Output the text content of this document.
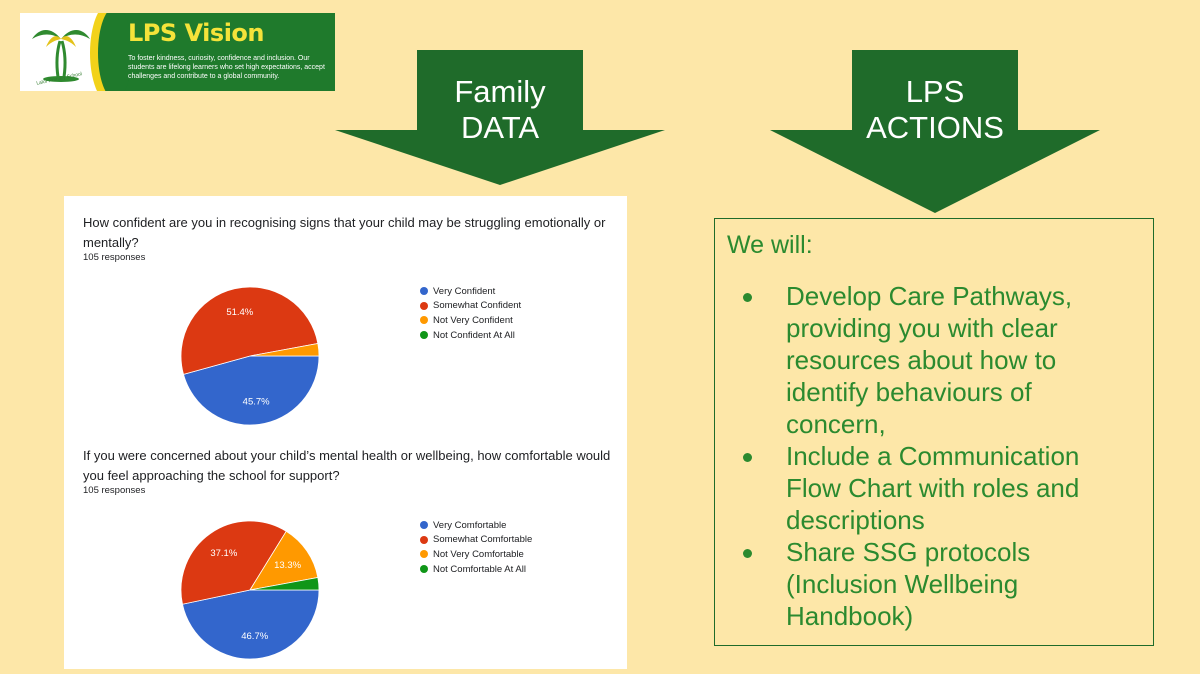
Lalor Primary School
LPS Vision
To foster kindness, curiosity, confidence and inclusion. Our students are lifelong learners who set high expectations, accept challenges and contribute to a global community.	Family
DATA
LPS
ACTIONS
How confident are you in recognising signs that your child may be struggling emotionally or mentally?
105 responses
45.7%
51.4%
Very Confident
Somewhat Confident
Not Very Confident
Not Confident At All
If you were concerned about your child’s mental health or wellbeing, how comfortable would you feel approaching the school for support?
105 responses
46.7%
37.1%
13.3%
Very Comfortable
Somewhat Comfortable
Not Very Comfortable
Not Comfortable At All
We will:
Develop Care Pathways, providing you with clear resources about how to identify behaviours of concern,
Include a Communication Flow Chart with roles and descriptions
Share SSG protocols (Inclusion Wellbeing Handbook)
